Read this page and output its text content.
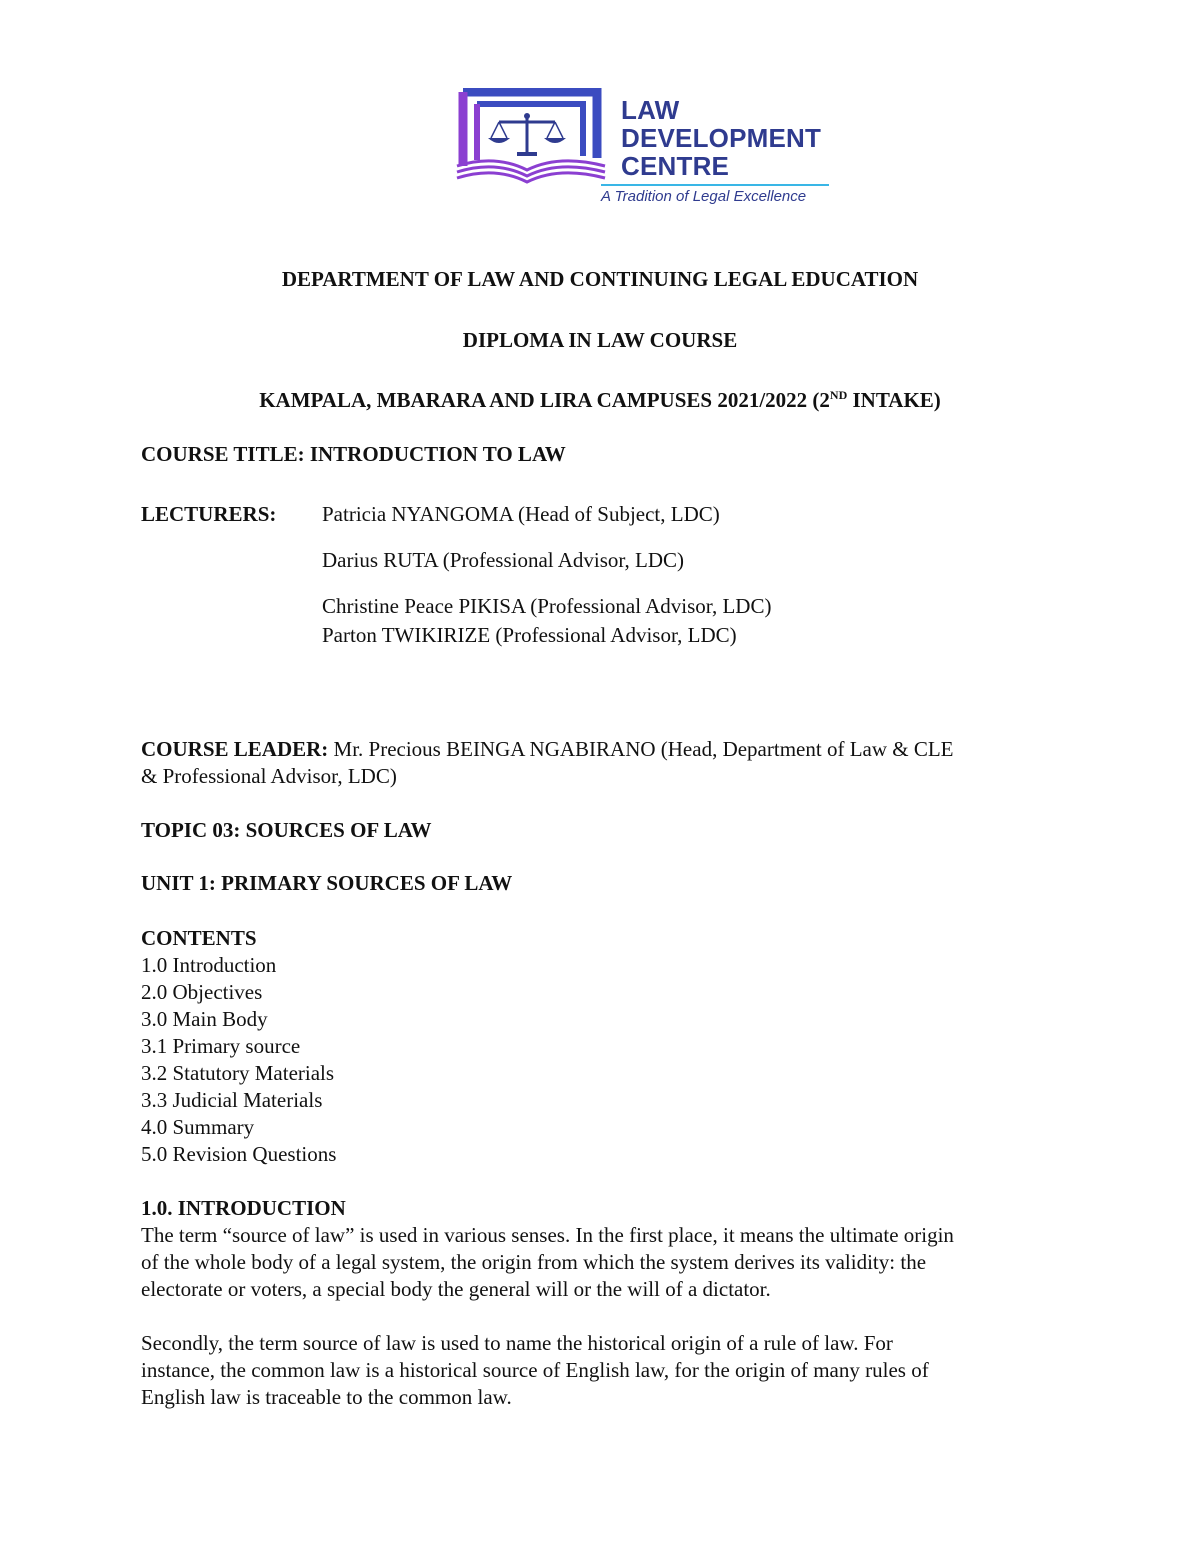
LAW
DEVELOPMENT
CENTRE
A Tradition of Legal Excellence
DEPARTMENT OF LAW AND CONTINUING LEGAL EDUCATION
DIPLOMA IN LAW COURSE
KAMPALA, MBARARA AND LIRA CAMPUSES 2021/2022 (2ND INTAKE)
COURSE TITLE: INTRODUCTION TO LAW
LECTURERS: Patricia NYANGOMA (Head of Subject, LDC)
Darius RUTA (Professional Advisor, LDC)
Christine Peace PIKISA (Professional Advisor, LDC)
Parton TWIKIRIZE (Professional Advisor, LDC)
COURSE LEADER: Mr. Precious BEINGA NGABIRANO (Head, Department of Law & CLE
& Professional Advisor, LDC)
TOPIC 03: SOURCES OF LAW
UNIT 1: PRIMARY SOURCES OF LAW
CONTENTS
1.0 Introduction
2.0 Objectives
3.0 Main Body
3.1 Primary source
3.2 Statutory Materials
3.3 Judicial Materials
4.0 Summary
5.0 Revision Questions
1.0. INTRODUCTION
The term “source of law” is used in various senses. In the first place, it means the ultimate origin
of the whole body of a legal system, the origin from which the system derives its validity: the
electorate or voters, a special body the general will or the will of a dictator.
Secondly, the term source of law is used to name the historical origin of a rule of law. For
instance, the common law is a historical source of English law, for the origin of many rules of
English law is traceable to the common law.
